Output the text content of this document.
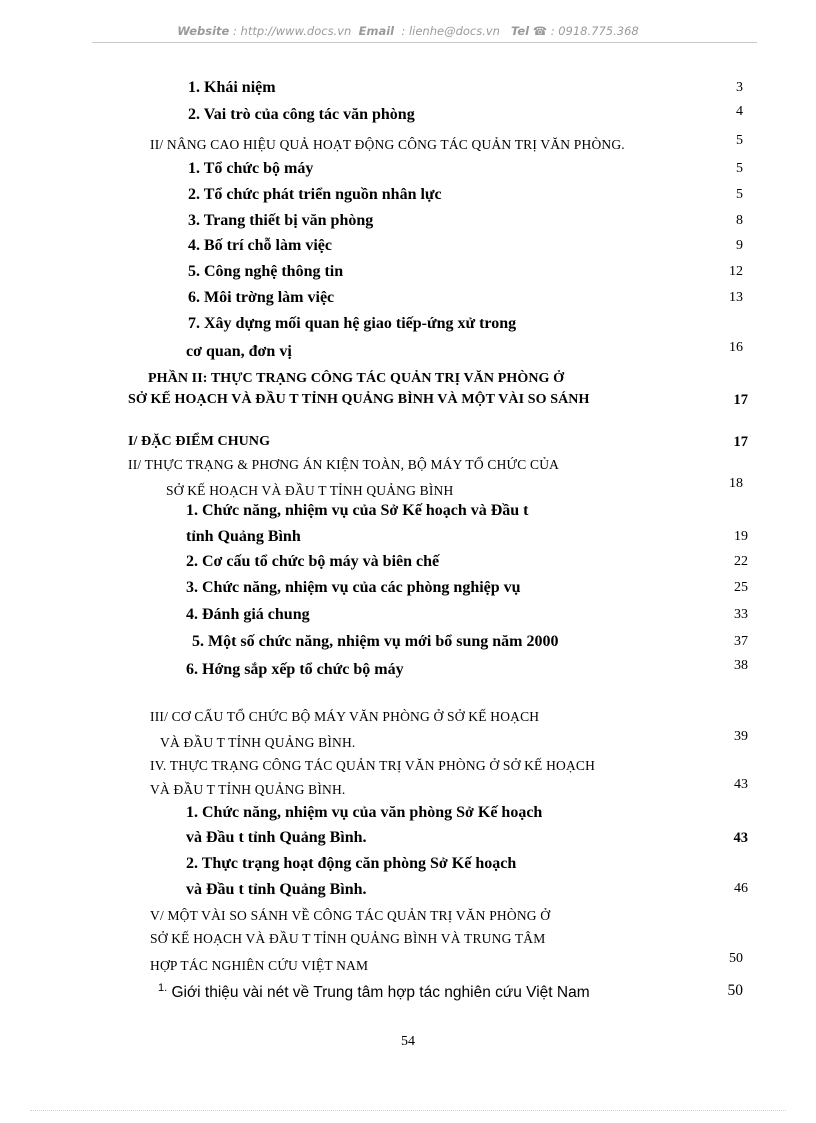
Website : http://www.docs.vn Email : lienhe@docs.vn Tel ☎ : 0918.775.368
1. Khái niệm	3
2. Vai trò của công tác văn phòng	4
II/ NÂNG CAO HIỆU QUẢ HOẠT ĐỘNG CÔNG TÁC QUẢN TRỊ VĂN PHÒNG.	5
1. Tổ chức bộ máy	5
2. Tổ chức phát triển nguồn nhân lực	5
3. Trang thiết bị văn phòng	8
4. Bố trí chỗ làm việc	9
5. Công nghệ thông tin	12
6. Môi trờng làm việc	13
7. Xây dựng mối quan hệ giao tiếp-ứng xử trong
cơ quan, đơn vị	16
PHẦN II: THỰC TRẠNG CÔNG TÁC QUẢN TRỊ VĂN PHÒNG Ở
SỞ KẾ HOẠCH VÀ ĐẦU T TỈNH QUẢNG BÌNH VÀ MỘT VÀI SO SÁNH	17
I/ ĐẶC ĐIỂM CHUNG	17
II/ THỰC TRẠNG & PHƠNG ÁN KIỆN TOÀN, BỘ MÁY TỔ CHỨC CỦA
SỞ KẾ HOẠCH VÀ ĐẦU T TỈNH QUẢNG BÌNH	18
1. Chức năng, nhiệm vụ của Sở Kế hoạch và Đầu t
tỉnh Quảng Bình	19
2. Cơ cấu tổ chức bộ máy và biên chế	22
3. Chức năng, nhiệm vụ của các phòng nghiệp vụ	25
4. Đánh giá chung	33
5. Một số chức năng, nhiệm vụ mới bổ sung năm 2000	37
6. Hớng sắp xếp tổ chức bộ máy	38
III/ CƠ CẤU TỔ CHỨC BỘ MÁY VĂN PHÒNG Ở SỞ KẾ HOẠCH
VÀ ĐẦU T TỈNH QUẢNG BÌNH.	39
IV. THỰC TRẠNG CÔNG TÁC QUẢN TRỊ VĂN PHÒNG Ở SỞ KẾ HOẠCH
VÀ ĐẦU T TỈNH QUẢNG BÌNH.	43
1. Chức năng, nhiệm vụ của văn phòng Sở Kế hoạch
và Đầu t tỉnh Quảng Bình.	43
2. Thực trạng hoạt động căn phòng Sở Kế hoạch
và Đầu t tỉnh Quảng Bình.	46
V/ MỘT VÀI SO SÁNH VỀ CÔNG TÁC QUẢN TRỊ VĂN PHÒNG Ở
SỞ KẾ HOẠCH VÀ ĐẦU T TỈNH QUẢNG BÌNH VÀ TRUNG TÂM
HỢP TÁC NGHIÊN CỨU VIỆT NAM	50
$^{1.}$ Giới thiệu vài nét về Trung tâm hợp tác nghiên cứu Việt Nam	50
54
